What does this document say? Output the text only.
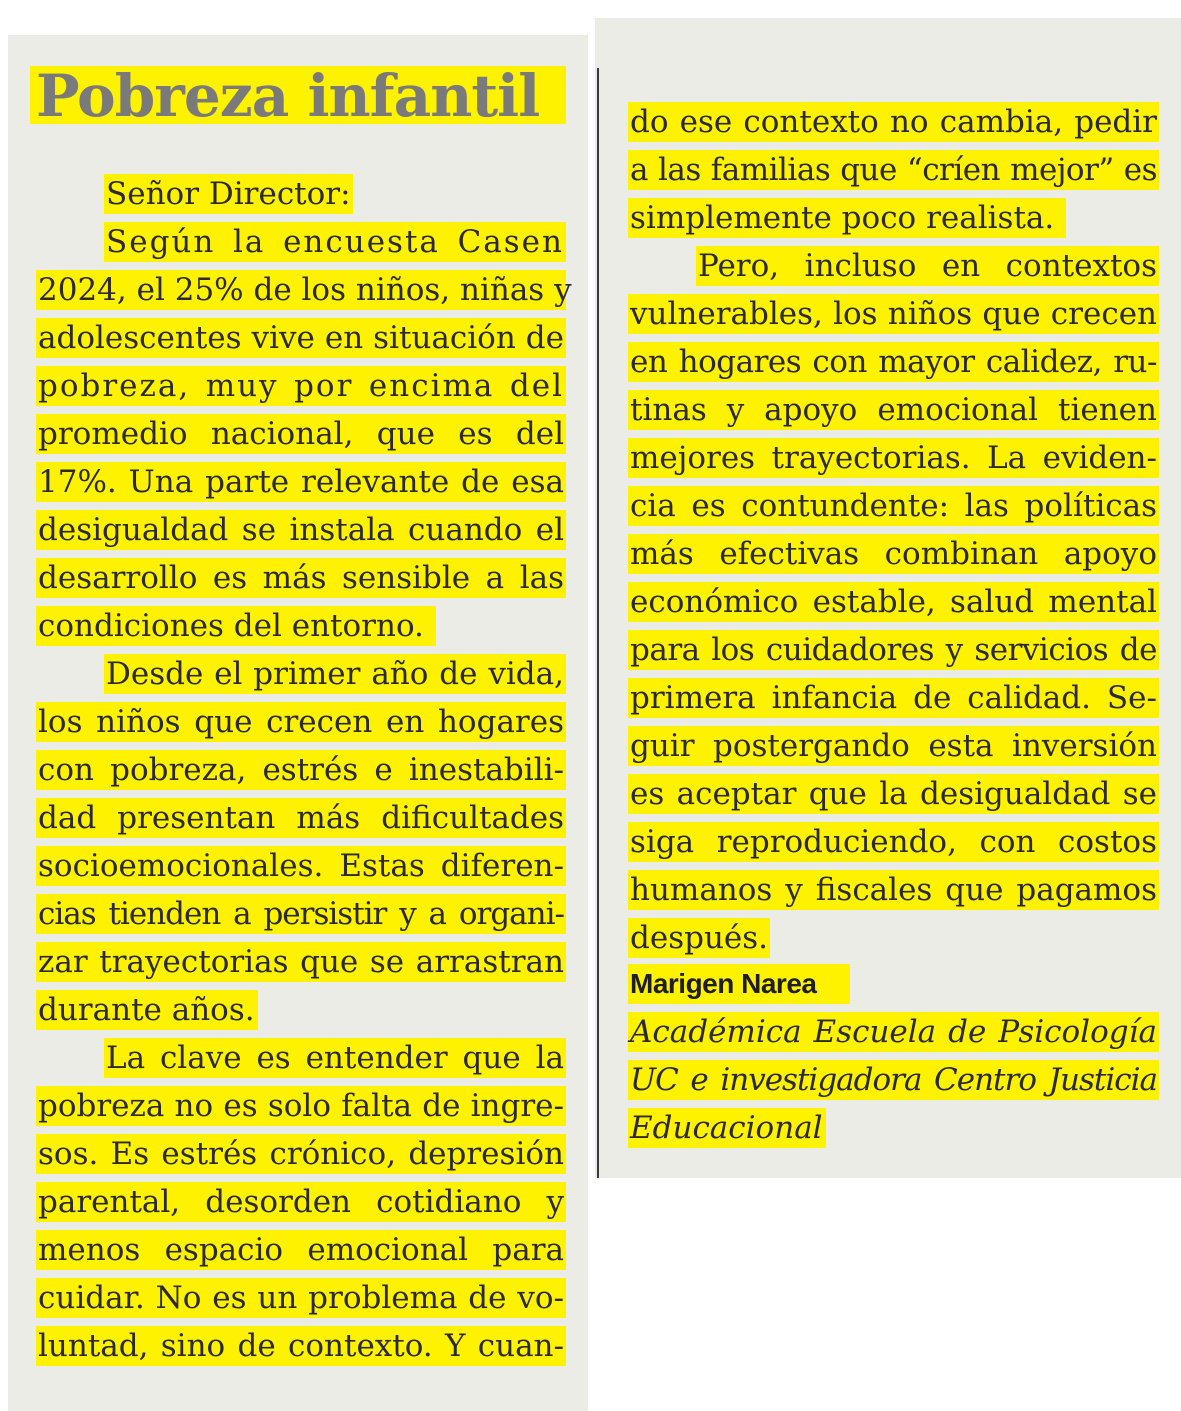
Pobreza infantil

Señor Director:

Según la encuesta Casen

2024, el 25% de los niños, niñas y

adolescentes vive en situación de

pobreza, muy por encima del

promedio nacional, que es del

17%. Una parte relevante de esa

desigualdad se instala cuando el

desarrollo es más sensible a las

condiciones del entorno.

Desde el primer año de vida,

los niños que crecen en hogares

con pobreza, estrés e inestabili-

dad presentan más dificultades

socioemocionales. Estas diferen-

cias tienden a persistir y a organi-

zar trayectorias que se arrastran

durante años.

La clave es entender que la

pobreza no es solo falta de ingre-

sos. Es estrés crónico, depresión

parental, desorden cotidiano y

menos espacio emocional para

cuidar. No es un problema de vo-

luntad, sino de contexto. Y cuan-

do ese contexto no cambia, pedir

a las familias que “críen mejor” es

simplemente poco realista.

Pero, incluso en contextos

vulnerables, los niños que crecen

en hogares con mayor calidez, ru-

tinas y apoyo emocional tienen

mejores trayectorias. La eviden-

cia es contundente: las políticas

más efectivas combinan apoyo

económico estable, salud mental

para los cuidadores y servicios de

primera infancia de calidad. Se-

guir postergando esta inversión

es aceptar que la desigualdad se

siga reproduciendo, con costos

humanos y fiscales que pagamos

después.

Marigen Narea

Académica Escuela de Psicología

UC e investigadora Centro Justicia

Educacional
